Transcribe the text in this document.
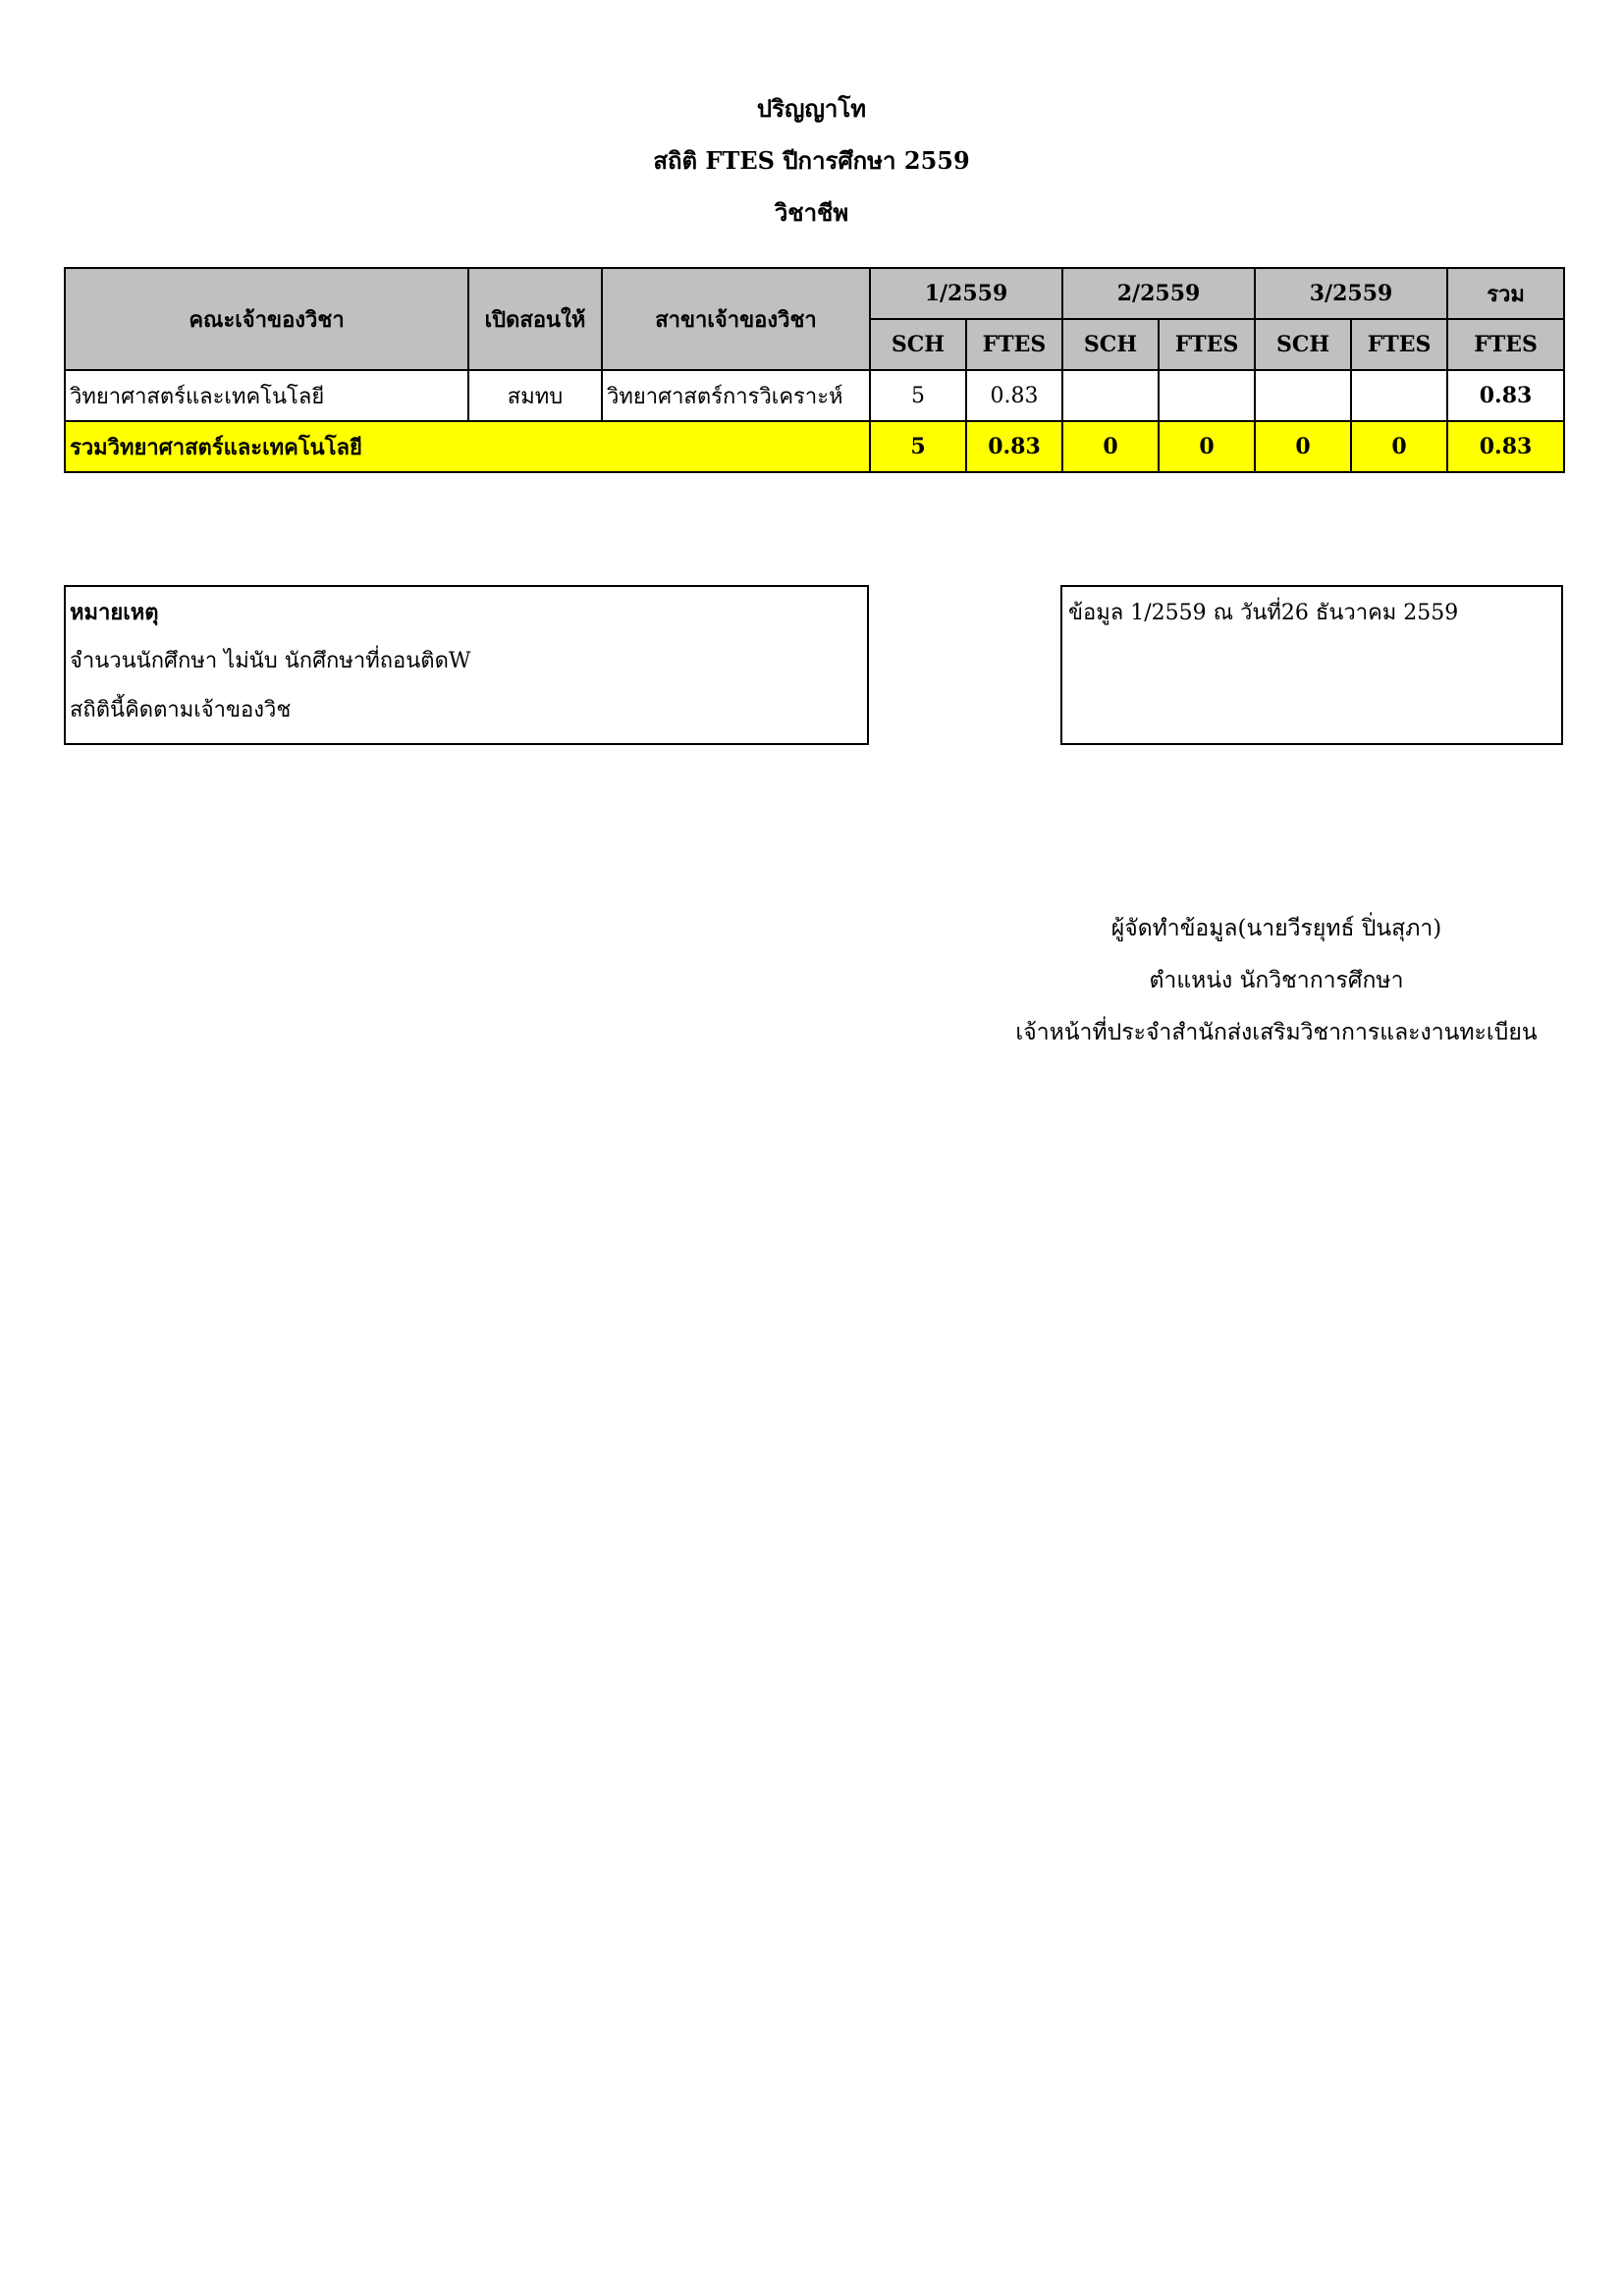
ปริญญาโท
สถิติ FTES ปีการศึกษา 2559
วิชาชีพ
คณะเจ้าของวิชา	เปิดสอนให้	สาขาเจ้าของวิชา	1/2559		2/2559		3/2559		รวม
			SCH	FTES	SCH	FTES	SCH	FTES	FTES
วิทยาศาสตร์และเทคโนโลยี	สมทบ	วิทยาศาสตร์การวิเคราะห์	5	0.83					0.83
รวมวิทยาศาสตร์และเทคโนโลยี			5	0.83	0	0	0	0	0.83
หมายเหตุ
จำนวนนักศึกษา ไม่นับ นักศึกษาที่ถอนติดW
สถิตินี้คิดตามเจ้าของวิช
ข้อมูล 1/2559 ณ วันที่26 ธันวาคม 2559
ผู้จัดทำข้อมูล(นายวีรยุทธ์ ปิ่นสุภา)
ตำแหน่ง นักวิชาการศึกษา
เจ้าหน้าที่ประจำสำนักส่งเสริมวิชาการและงานทะเบียน
